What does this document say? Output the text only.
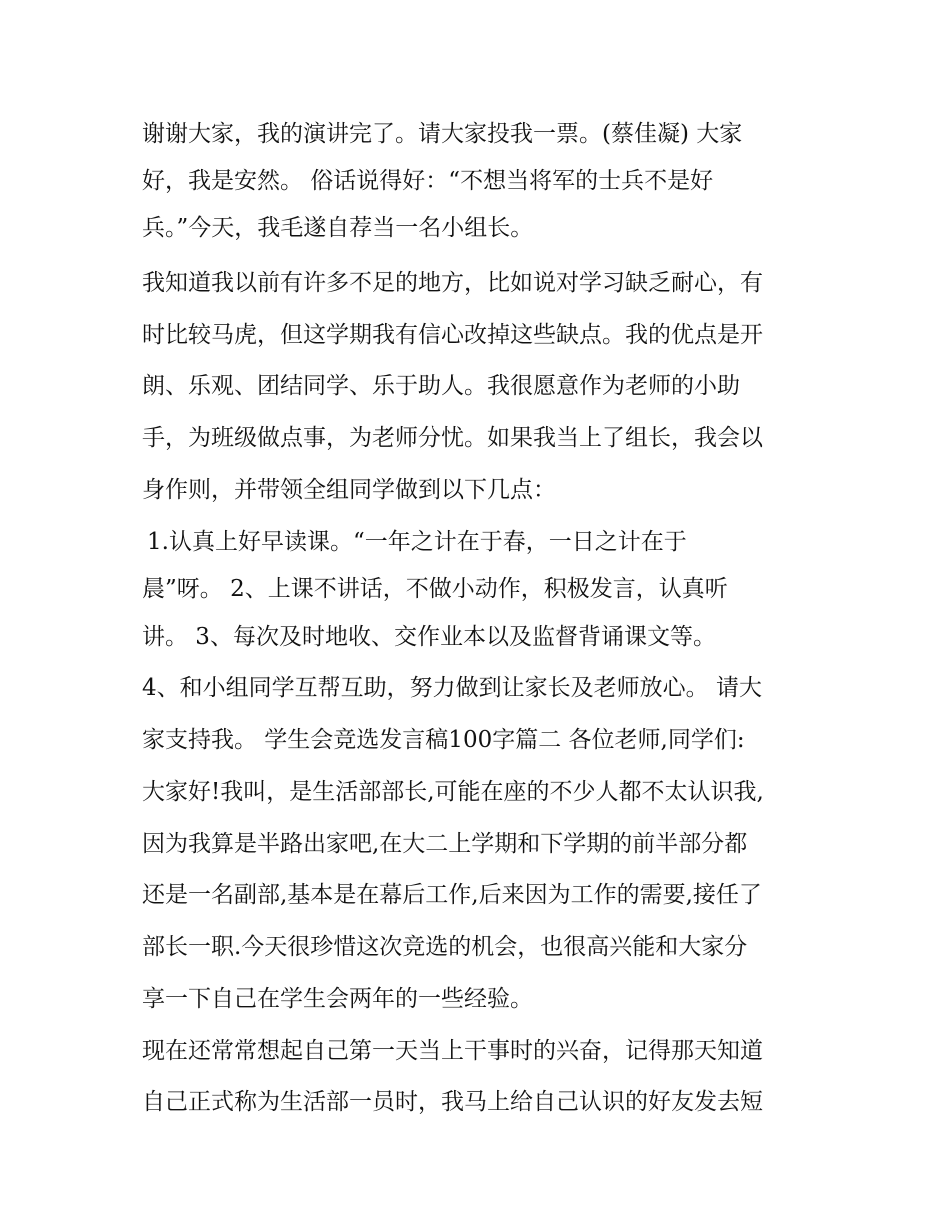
谢谢大家，我的演讲完了。请大家投我一票。(蔡佳凝) 大家
好，我是安然。 俗话说得好：“不想当将军的士兵不是好
兵。”今天，我毛遂自荐当一名小组长。
我知道我以前有许多不足的地方，比如说对学习缺乏耐心，有
时比较马虎，但这学期我有信心改掉这些缺点。我的优点是开
朗、乐观、团结同学、乐于助人。我很愿意作为老师的小助
手，为班级做点事，为老师分忧。如果我当上了组长，我会以
身作则，并带领全组同学做到以下几点：
1.认真上好早读课。“一年之计在于春，一日之计在于
晨”呀。 2、上课不讲话，不做小动作，积极发言，认真听
讲。 3、每次及时地收、交作业本以及监督背诵课文等。
4、和小组同学互帮互助，努力做到让家长及老师放心。 请大
家支持我。 学生会竞选发言稿100字篇二 各位老师,同学们:
大家好!我叫，是生活部部长,可能在座的不少人都不太认识我,
因为我算是半路出家吧,在大二上学期和下学期的前半部分都
还是一名副部,基本是在幕后工作,后来因为工作的需要,接任了
部长一职.今天很珍惜这次竞选的机会，也很高兴能和大家分
享一下自己在学生会两年的一些经验。
现在还常常想起自己第一天当上干事时的兴奋，记得那天知道
自己正式称为生活部一员时，我马上给自己认识的好友发去短
